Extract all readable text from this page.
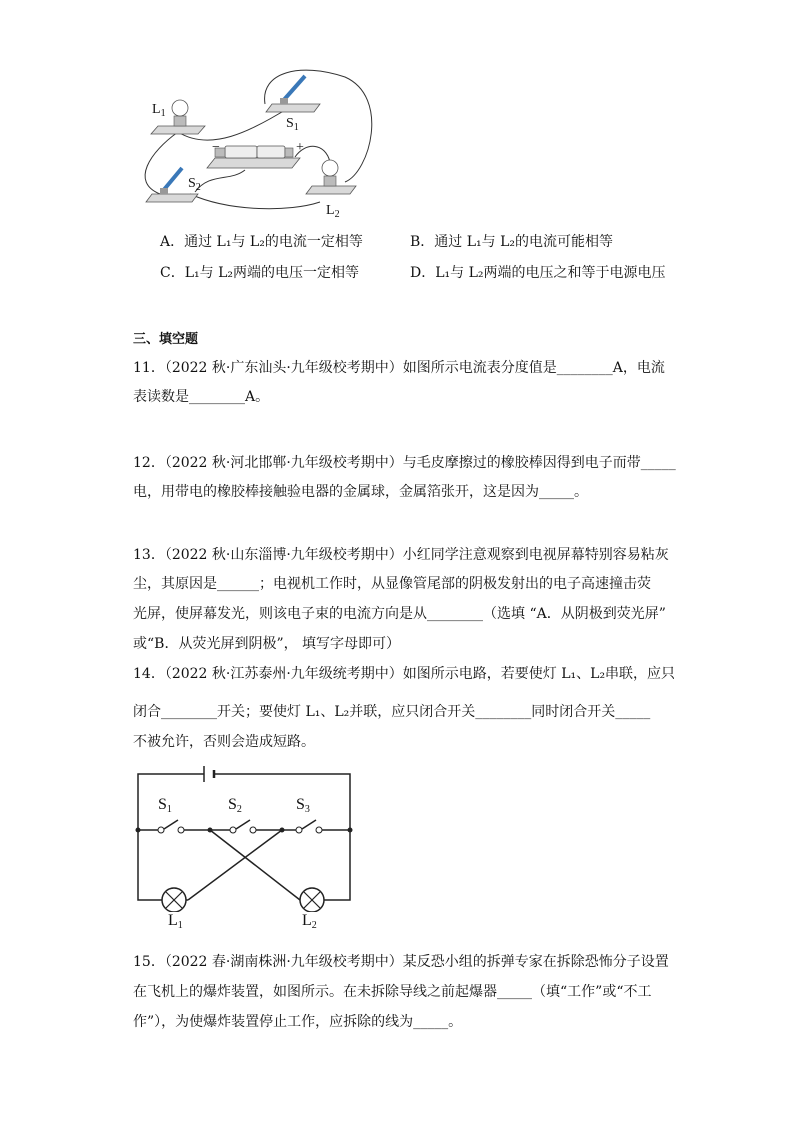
$L_1$
$S_1$
−	+
$S_2$
$L_2$
A．通过 L₁与 L₂的电流一定相等	B．通过 L₁与 L₂的电流可能相等
C．L₁与 L₂两端的电压一定相等	D．L₁与 L₂两端的电压之和等于电源电压
三、填空题
11．（2022 秋·广东汕头·九年级校考期中）如图所示电流表分度值是________A，电流
表读数是________A。
12．（2022 秋·河北邯郸·九年级校考期中）与毛皮摩擦过的橡胶棒因得到电子而带_____
电，用带电的橡胶棒接触验电器的金属球，金属箔张开，这是因为_____。
13．（2022 秋·山东淄博·九年级校考期中）小红同学注意观察到电视屏幕特别容易粘灰
尘，其原因是______；电视机工作时，从显像管尾部的阴极发射出的电子高速撞击荧
光屏，使屏幕发光，则该电子束的电流方向是从________（选填 “A．从阴极到荧光屏”
或“B．从荧光屏到阴极”， 填写字母即可）
14．（2022 秋·江苏泰州·九年级统考期中）如图所示电路，若要使灯 L₁、L₂串联，应只
闭合________开关；要使灯 L₁、L₂并联，应只闭合开关________同时闭合开关_____
不被允许，否则会造成短路。
$S_1$	$S_2$	$S_3$
$L_1$	$L_2$
15．（2022 春·湖南株洲·九年级校考期中）某反恐小组的拆弹专家在拆除恐怖分子设置
在飞机上的爆炸装置，如图所示。在未拆除导线之前起爆器_____（填“工作”或“不工
作”），为使爆炸装置停止工作，应拆除的线为_____。
